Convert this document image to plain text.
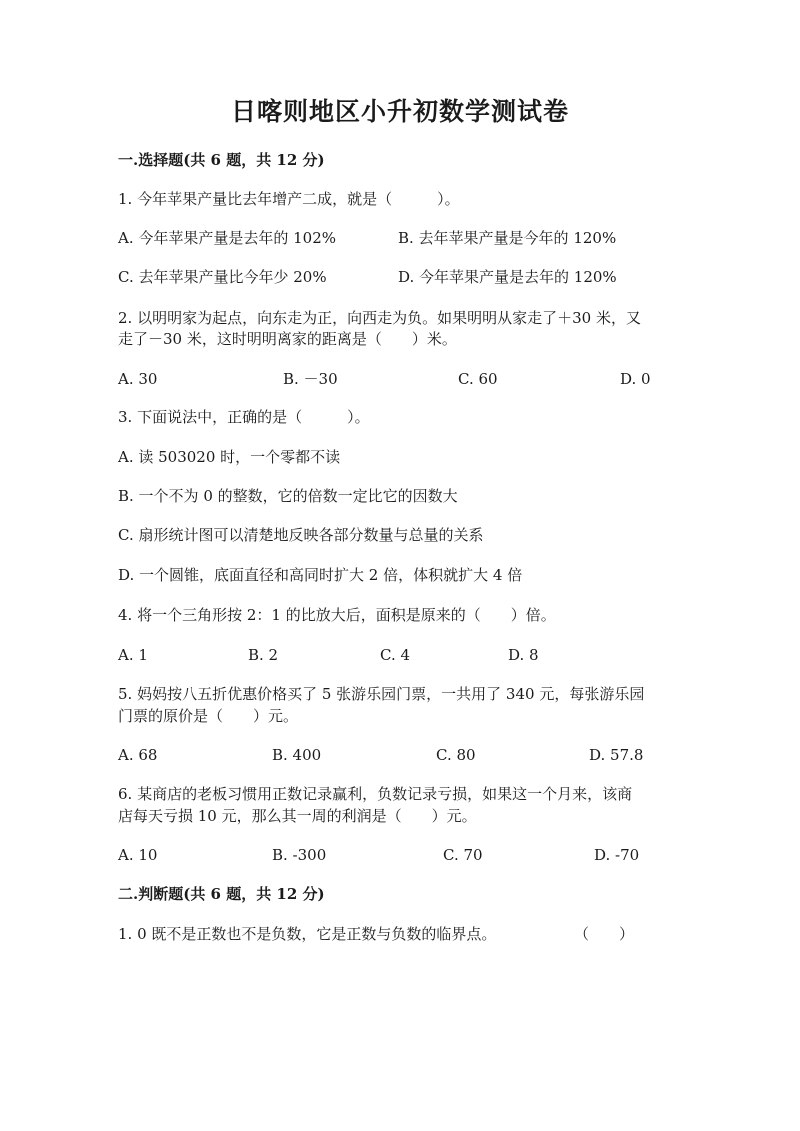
日喀则地区小升初数学测试卷
一.选择题(共 6 题，共 12 分)
1. 今年苹果产量比去年增产二成，就是（　　　）。
A. 今年苹果产量是去年的 102%	B. 去年苹果产量是今年的 120%
C. 去年苹果产量比今年少 20%	D. 今年苹果产量是去年的 120%
2. 以明明家为起点，向东走为正，向西走为负。如果明明从家走了＋30 米，又
走了－30 米，这时明明离家的距离是（　　）米。
A. 30	B. －30	C. 60	D. 0
3. 下面说法中，正确的是（　　　）。
A. 读 503020 时，一个零都不读
B. 一个不为 0 的整数，它的倍数一定比它的因数大
C. 扇形统计图可以清楚地反映各部分数量与总量的关系
D. 一个圆锥，底面直径和高同时扩大 2 倍，体积就扩大 4 倍
4. 将一个三角形按 2：1 的比放大后，面积是原来的（　　）倍。
A. 1	B. 2	C. 4	D. 8
5. 妈妈按八五折优惠价格买了 5 张游乐园门票，一共用了 340 元，每张游乐园
门票的原价是（　　）元。
A. 68	B. 400	C. 80	D. 57.8
6. 某商店的老板习惯用正数记录赢利，负数记录亏损，如果这一个月来，该商
店每天亏损 10 元，那么其一周的利润是（　　）元。
A. 10	B. -300	C. 70	D. -70
二.判断题(共 6 题，共 12 分)
1. 0 既不是正数也不是负数，它是正数与负数的临界点。	（　　）
